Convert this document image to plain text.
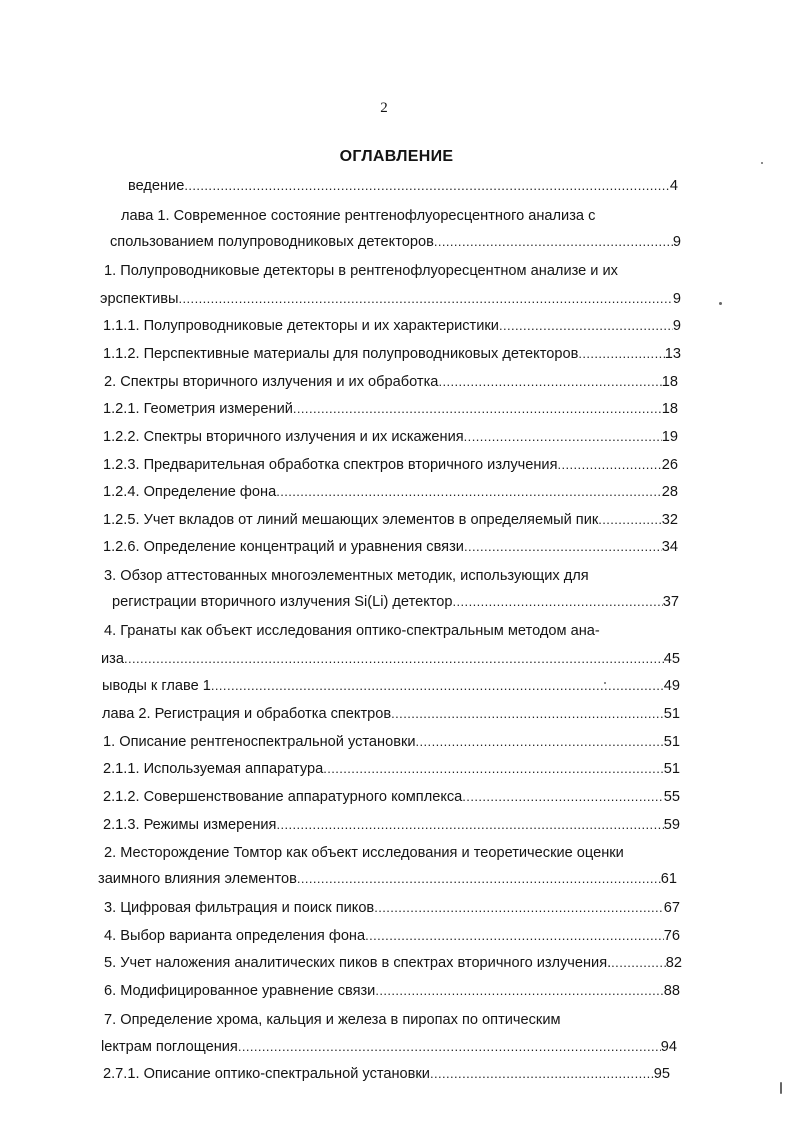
2
ОГЛАВЛЕНИЕ
ведение .....	4
лава 1. Современное состояние рентгенофлуоресцентного анализа с
спользованием полупроводниковых детекторов .....	9
1. Полупроводниковые детекторы в рентгенофлуоресцентном анализе и их
эрспективы .....	9
1.1.1. Полупроводниковые детекторы и их характеристики .....	9
1.1.2. Перспективные материалы для полупроводниковых детекторов .....	13
2. Спектры вторичного излучения и их обработка .....	18
1.2.1. Геометрия измерений .....	18
1.2.2. Спектры вторичного излучения и их искажения .....	19
1.2.3. Предварительная обработка спектров вторичного излучения .....	26
1.2.4. Определение фона .....	28
1.2.5. Учет вкладов от линий мешающих элементов в определяемый пик .....	32
1.2.6. Определение концентраций и уравнения связи .....	34
3. Обзор аттестованных многоэлементных методик, использующих для
регистрации вторичного излучения Si(Li) детектор .....	37
4. Гранаты как объект исследования оптико-спектральным методом ана-
иза .....	45
ыводы к главе 1 .....	49
лава 2. Регистрация и обработка спектров .....	51
1. Описание рентгеноспектральной установки .....	51
2.1.1. Используемая аппаратура .....	51
2.1.2. Совершенствование аппаратурного комплекса .....	55
2.1.3. Режимы измерения .....	59
2. Месторождение Томтор как объект исследования и теоретические оценки
заимного влияния элементов .....	61
3. Цифровая фильтрация и поиск пиков .....	67
4. Выбор варианта определения фона .....	76
5. Учет наложения аналитических пиков в спектрах вторичного излучения. .....	82
6. Модифицированное уравнение связи .....	88
7. Определение хрома, кальция и железа в пиропах по оптическим
lектрам поглощения .....	94
2.7.1. Описание оптико-спектральной установки .....	95
